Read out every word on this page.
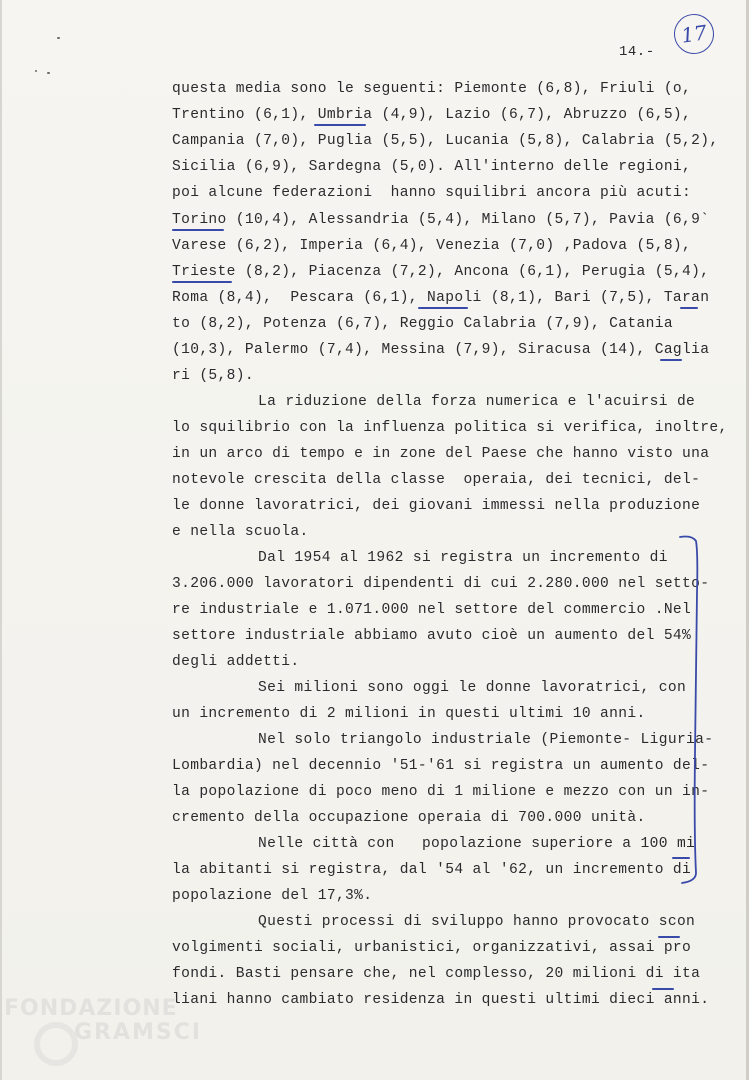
14.-
17
questa media sono le seguenti: Piemonte (6,8), Friuli (o,
Trentino (6,1), Umbria (4,9), Lazio (6,7), Abruzzo (6,5),
Campania (7,0), Puglia (5,5), Lucania (5,8), Calabria (5,2),
Sicilia (6,9), Sardegna (5,0). All'interno delle regioni,
poi alcune federazioni  hanno squilibri ancora più acuti:
Torino (10,4), Alessandria (5,4), Milano (5,7), Pavia (6,9`
Varese (6,2), Imperia (6,4), Venezia (7,0) ,Padova (5,8),
Trieste (8,2), Piacenza (7,2), Ancona (6,1), Perugia (5,4),
Roma (8,4),  Pescara (6,1), Napoli (8,1), Bari (7,5), Taran
to (8,2), Potenza (6,7), Reggio Calabria (7,9), Catania
(10,3), Palermo (7,4), Messina (7,9), Siracusa (14), Caglia
ri (5,8).
La riduzione della forza numerica e l'acuirsi de
lo squilibrio con la influenza politica si verifica, inoltre,
in un arco di tempo e in zone del Paese che hanno visto una
notevole crescita della classe  operaia, dei tecnici, del-
le donne lavoratrici, dei giovani immessi nella produzione
e nella scuola.
Dal 1954 al 1962 si registra un incremento di
3.206.000 lavoratori dipendenti di cui 2.280.000 nel setto-
re industriale e 1.071.000 nel settore del commercio .Nel
settore industriale abbiamo avuto cioè un aumento del 54%
degli addetti.
Sei milioni sono oggi le donne lavoratrici, con
un incremento di 2 milioni in questi ultimi 10 anni.
Nel solo triangolo industriale (Piemonte- Liguria-
Lombardia) nel decennio '51-'61 si registra un aumento del-
la popolazione di poco meno di 1 milione e mezzo con un in-
cremento della occupazione operaia di 700.000 unità.
Nelle città con   popolazione superiore a 100 mi
la abitanti si registra, dal '54 al '62, un incremento di
popolazione del 17,3%.
Questi processi di sviluppo hanno provocato scon
volgimenti sociali, urbanistici, organizzativi, assai pro
fondi. Basti pensare che, nel complesso, 20 milioni di ita
liani hanno cambiato residenza in questi ultimi dieci anni.
FONDAZIONE
GRAMSCI
